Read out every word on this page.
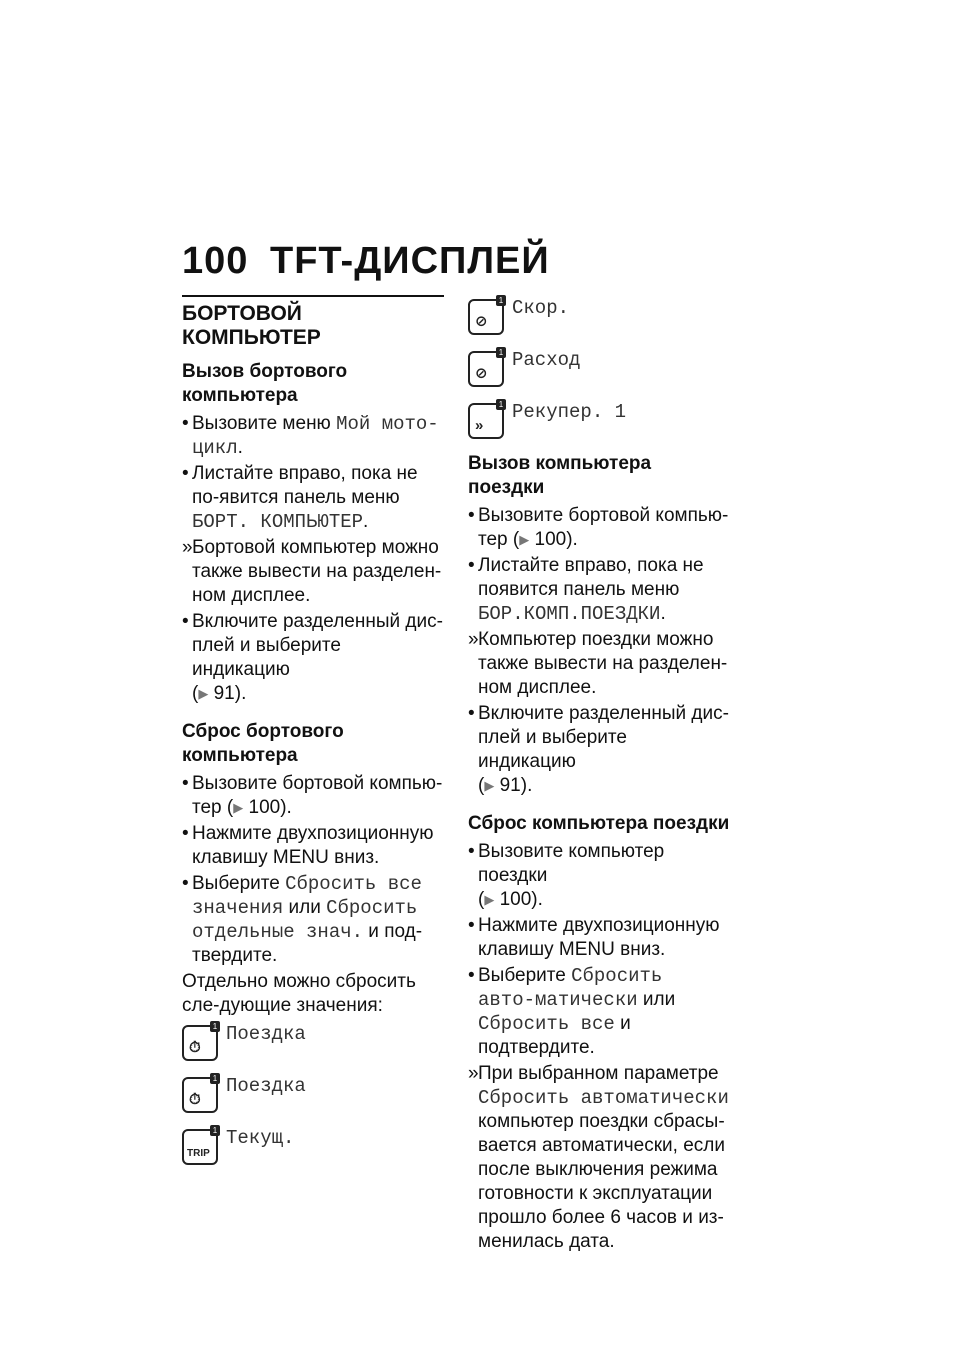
100 TFT-ДИСПЛЕЙ
БОРТОВОЙ КОМПЬЮТЕР
Вызов бортового компьютера
• Вызовите меню Мой мото-цикл.
• Листайте вправо, пока не по-явится панель меню БОРТ. КОМПЬЮТЕР.
» Бортовой компьютер можно также вывести на разделен-ном дисплее.
• Включите разделенный дис-плей и выберите индикацию
(▶ 91).
Сброс бортового компьютера
• Вызовите бортовой компью-тер (▶ 100).
• Нажмите двухпозиционную клавишу MENU вниз.
• Выберите Сбросить все значения или Сбросить отдельные знач. и под-твердите.

Отдельно можно сбросить сле-дующие значения:

1
⏱
Поездка
1
⏱
Поездка
1
TRIP
Текущ.
1
⊘
Скор.
1
⊘
Расход
1
»
Рекупер. 1
Вызов компьютера поездки
• Вызовите бортовой компью-тер (▶ 100).
• Листайте вправо, пока не появится панель меню БОР.КОМП.ПОЕЗДКИ.
» Компьютер поездки можно также вывести на разделен-ном дисплее.
• Включите разделенный дис-плей и выберите индикацию
(▶ 91).
Сброс компьютера поездки
• Вызовите компьютер поездки
(▶ 100).
• Нажмите двухпозиционную клавишу MENU вниз.
• Выберите Сбросить авто-матически или Сбросить все и подтвердите.
» При выбранном параметре Сбросить автоматически компьютер поездки сбрасы-вается автоматически, если после выключения режима готовности к эксплуатации прошло более 6 часов и из-менилась дата.
